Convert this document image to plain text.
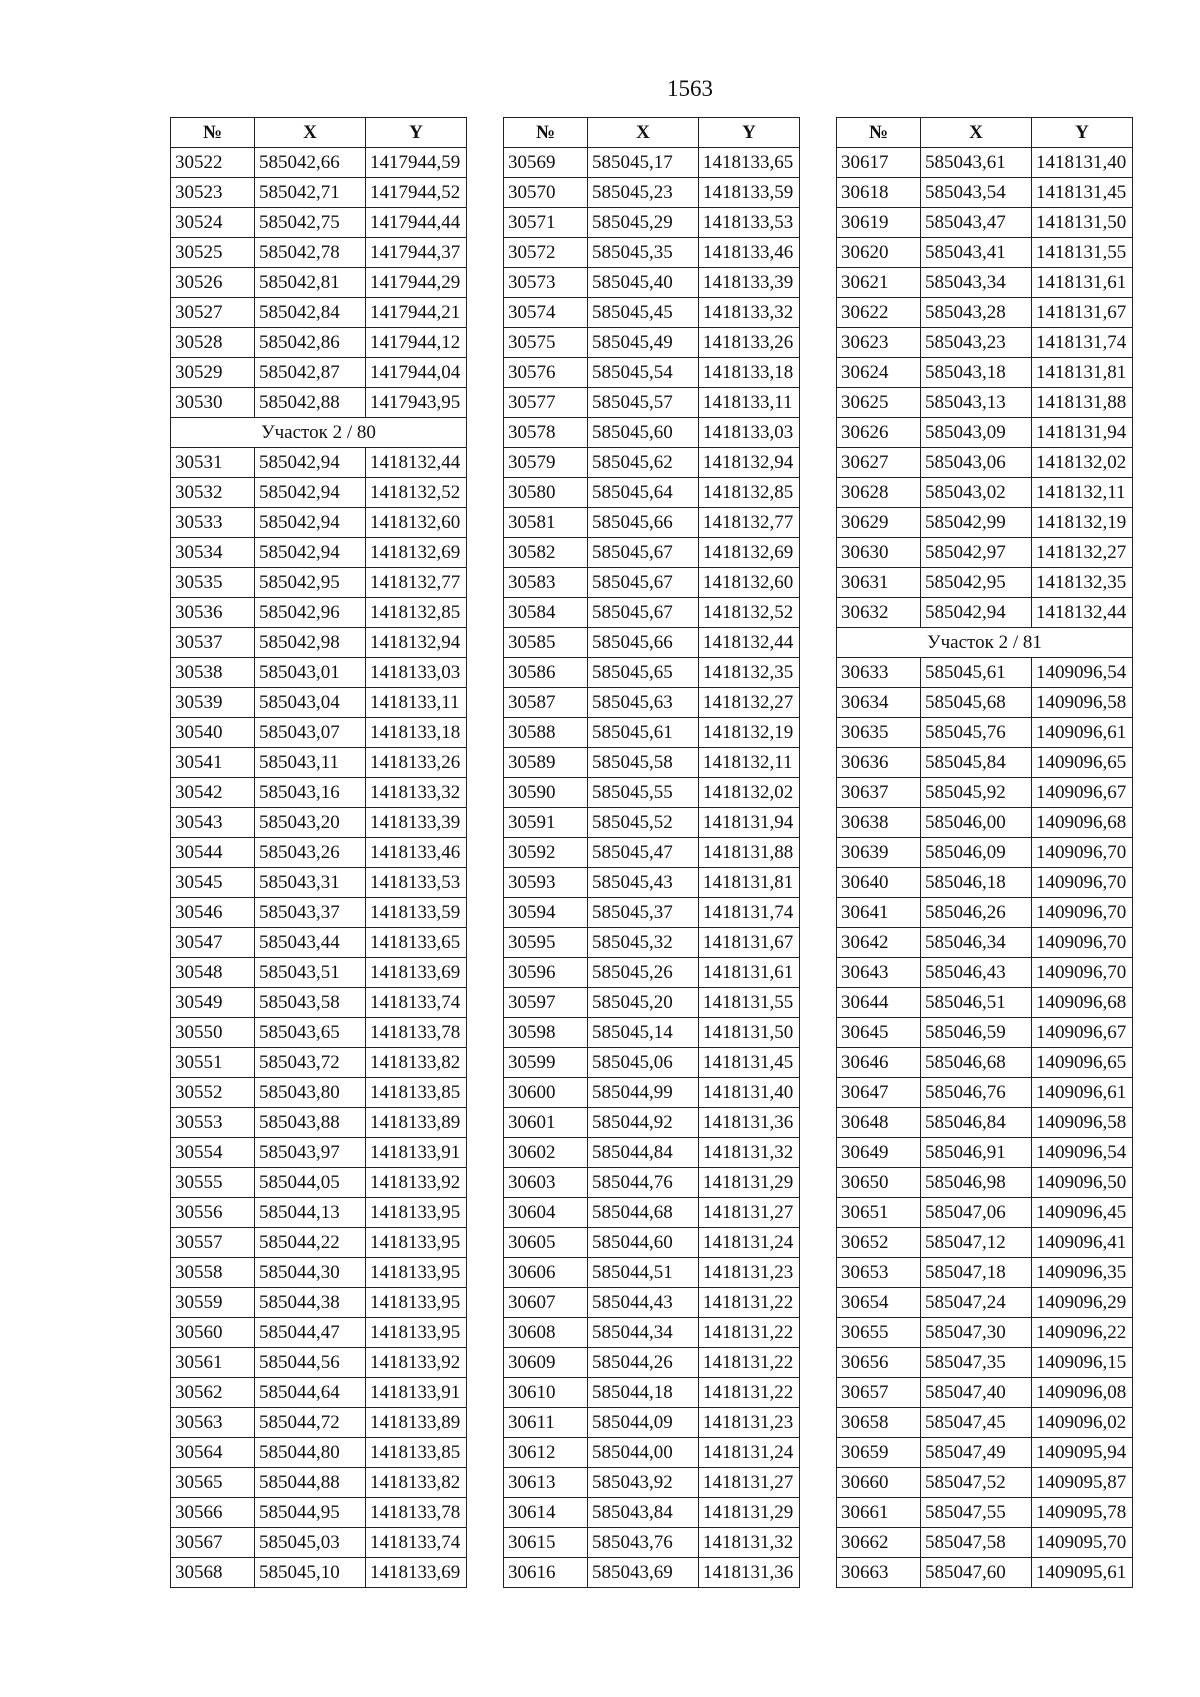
1563
№	X	Y
30522	585042,66	1417944,59
30523	585042,71	1417944,52
30524	585042,75	1417944,44
30525	585042,78	1417944,37
30526	585042,81	1417944,29
30527	585042,84	1417944,21
30528	585042,86	1417944,12
30529	585042,87	1417944,04
30530	585042,88	1417943,95
Участок 2 / 80		
30531	585042,94	1418132,44
30532	585042,94	1418132,52
30533	585042,94	1418132,60
30534	585042,94	1418132,69
30535	585042,95	1418132,77
30536	585042,96	1418132,85
30537	585042,98	1418132,94
30538	585043,01	1418133,03
30539	585043,04	1418133,11
30540	585043,07	1418133,18
30541	585043,11	1418133,26
30542	585043,16	1418133,32
30543	585043,20	1418133,39
30544	585043,26	1418133,46
30545	585043,31	1418133,53
30546	585043,37	1418133,59
30547	585043,44	1418133,65
30548	585043,51	1418133,69
30549	585043,58	1418133,74
30550	585043,65	1418133,78
30551	585043,72	1418133,82
30552	585043,80	1418133,85
30553	585043,88	1418133,89
30554	585043,97	1418133,91
30555	585044,05	1418133,92
30556	585044,13	1418133,95
30557	585044,22	1418133,95
30558	585044,30	1418133,95
30559	585044,38	1418133,95
30560	585044,47	1418133,95
30561	585044,56	1418133,92
30562	585044,64	1418133,91
30563	585044,72	1418133,89
30564	585044,80	1418133,85
30565	585044,88	1418133,82
30566	585044,95	1418133,78
30567	585045,03	1418133,74
30568	585045,10	1418133,69
№	X	Y
30569	585045,17	1418133,65
30570	585045,23	1418133,59
30571	585045,29	1418133,53
30572	585045,35	1418133,46
30573	585045,40	1418133,39
30574	585045,45	1418133,32
30575	585045,49	1418133,26
30576	585045,54	1418133,18
30577	585045,57	1418133,11
30578	585045,60	1418133,03
30579	585045,62	1418132,94
30580	585045,64	1418132,85
30581	585045,66	1418132,77
30582	585045,67	1418132,69
30583	585045,67	1418132,60
30584	585045,67	1418132,52
30585	585045,66	1418132,44
30586	585045,65	1418132,35
30587	585045,63	1418132,27
30588	585045,61	1418132,19
30589	585045,58	1418132,11
30590	585045,55	1418132,02
30591	585045,52	1418131,94
30592	585045,47	1418131,88
30593	585045,43	1418131,81
30594	585045,37	1418131,74
30595	585045,32	1418131,67
30596	585045,26	1418131,61
30597	585045,20	1418131,55
30598	585045,14	1418131,50
30599	585045,06	1418131,45
30600	585044,99	1418131,40
30601	585044,92	1418131,36
30602	585044,84	1418131,32
30603	585044,76	1418131,29
30604	585044,68	1418131,27
30605	585044,60	1418131,24
30606	585044,51	1418131,23
30607	585044,43	1418131,22
30608	585044,34	1418131,22
30609	585044,26	1418131,22
30610	585044,18	1418131,22
30611	585044,09	1418131,23
30612	585044,00	1418131,24
30613	585043,92	1418131,27
30614	585043,84	1418131,29
30615	585043,76	1418131,32
30616	585043,69	1418131,36
№	X	Y
30617	585043,61	1418131,40
30618	585043,54	1418131,45
30619	585043,47	1418131,50
30620	585043,41	1418131,55
30621	585043,34	1418131,61
30622	585043,28	1418131,67
30623	585043,23	1418131,74
30624	585043,18	1418131,81
30625	585043,13	1418131,88
30626	585043,09	1418131,94
30627	585043,06	1418132,02
30628	585043,02	1418132,11
30629	585042,99	1418132,19
30630	585042,97	1418132,27
30631	585042,95	1418132,35
30632	585042,94	1418132,44
Участок 2 / 81		
30633	585045,61	1409096,54
30634	585045,68	1409096,58
30635	585045,76	1409096,61
30636	585045,84	1409096,65
30637	585045,92	1409096,67
30638	585046,00	1409096,68
30639	585046,09	1409096,70
30640	585046,18	1409096,70
30641	585046,26	1409096,70
30642	585046,34	1409096,70
30643	585046,43	1409096,70
30644	585046,51	1409096,68
30645	585046,59	1409096,67
30646	585046,68	1409096,65
30647	585046,76	1409096,61
30648	585046,84	1409096,58
30649	585046,91	1409096,54
30650	585046,98	1409096,50
30651	585047,06	1409096,45
30652	585047,12	1409096,41
30653	585047,18	1409096,35
30654	585047,24	1409096,29
30655	585047,30	1409096,22
30656	585047,35	1409096,15
30657	585047,40	1409096,08
30658	585047,45	1409096,02
30659	585047,49	1409095,94
30660	585047,52	1409095,87
30661	585047,55	1409095,78
30662	585047,58	1409095,70
30663	585047,60	1409095,61
